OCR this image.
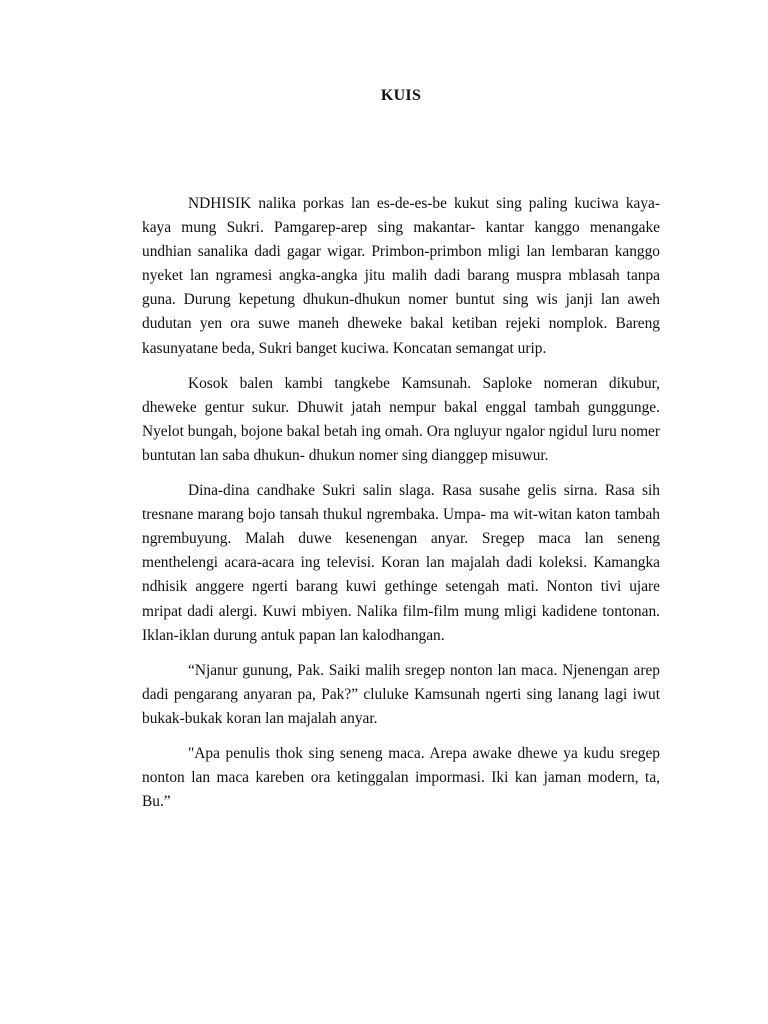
KUIS

NDHISIK nalika porkas lan es-de-es-be kukut sing paling kuciwa kaya-kaya mung Sukri. Pamgarep-arep sing makantar- kantar kanggo menangake undhian sanalika dadi gagar wigar. Primbon-primbon mligi lan lembaran kanggo nyeket lan ngramesi angka-angka jitu malih dadi barang muspra mblasah tanpa guna. Durung kepetung dhukun-dhukun nomer buntut sing wis janji lan aweh dudutan yen ora suwe maneh dheweke bakal ketiban rejeki nomplok. Bareng kasunyatane beda, Sukri banget kuciwa. Koncatan semangat urip.

Kosok balen kambi tangkebe Kamsunah. Saploke nomeran dikubur, dheweke gentur sukur. Dhuwit jatah nempur bakal enggal tambah gunggunge. Nyelot bungah, bojone bakal betah ing omah. Ora ngluyur ngalor ngidul luru nomer buntutan lan saba dhukun- dhukun nomer sing dianggep misuwur.

Dina-dina candhake Sukri salin slaga. Rasa susahe gelis sirna. Rasa sih tresnane marang bojo tansah thukul ngrembaka. Umpa- ma wit-witan katon tambah ngrembuyung. Malah duwe kesenengan anyar. Sregep maca lan seneng menthelengi acara-acara ing televisi. Koran lan majalah dadi koleksi. Kamangka ndhisik anggere ngerti barang kuwi gethinge setengah mati. Nonton tivi ujare mripat dadi alergi. Kuwi mbiyen. Nalika film-film mung mligi kadidene tontonan. Iklan-iklan durung antuk papan lan kalodhangan.

“Njanur gunung, Pak. Saiki malih sregep nonton lan maca. Njenengan arep dadi pengarang anyaran pa, Pak?” cluluke Kamsunah ngerti sing lanang lagi iwut bukak-bukak koran lan majalah anyar.

"Apa penulis thok sing seneng maca. Arepa awake dhewe ya kudu sregep nonton lan maca kareben ora ketinggalan impormasi. Iki kan jaman modern, ta, Bu.”
